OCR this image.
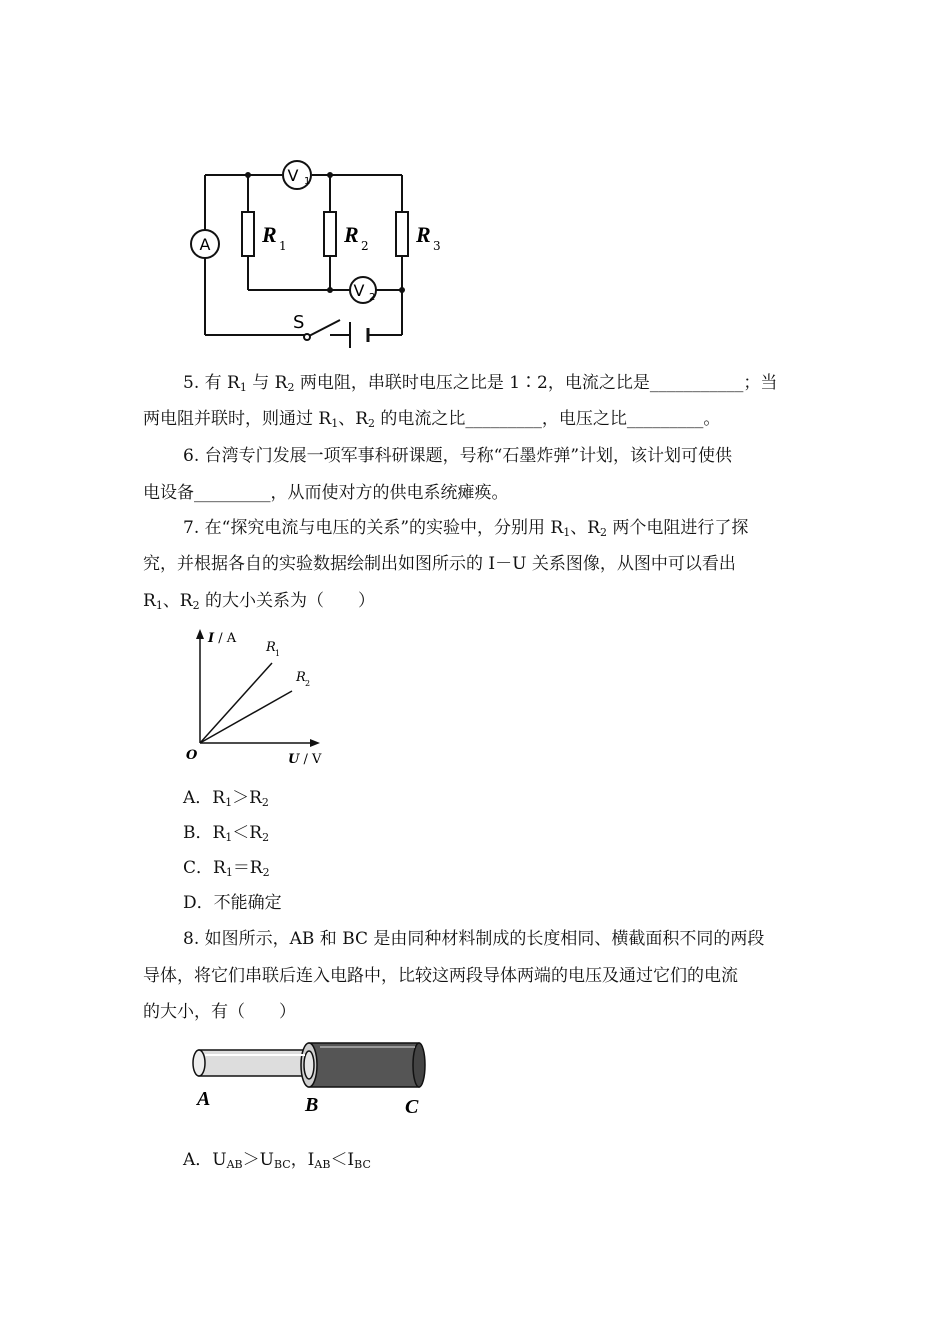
A
V 1
V 2
R 1	R 2 R 3
S
5. 有 $R_1$ 与 $R_2$ 两电阻，串联时电压之比是 1∶2，电流之比是___________；当
两电阻并联时，则通过 $R_1$、$R_2$ 的电流之比_________，电压之比_________。
6. 台湾专门发展一项军事科研课题，号称“石墨炸弹”计划，该计划可使供
电设备_________，从而使对方的供电系统瘫痪。
7. 在“探究电流与电压的关系”的实验中，分别用 $R_1$、$R_2$ 两个电阻进行了探
究，并根据各自的实验数据绘制出如图所示的 I－U 关系图像，从图中可以看出
$R_1$、$R_2$ 的大小关系为（　　）
I / A
U / V
O
R 1
R 2
A．$R_1>R_2$
B．$R_1<R_2$
C．$R_1=R_2$
D．不能确定
8. 如图所示，AB 和 BC 是由同种材料制成的长度相同、横截面积不同的两段
导体，将它们串联后连入电路中，比较这两段导体两端的电压及通过它们的电流
的大小，有（　　）
A	B	C
A．$U_{AB}>U_{BC}$，$I_{AB}<I_{BC}$
